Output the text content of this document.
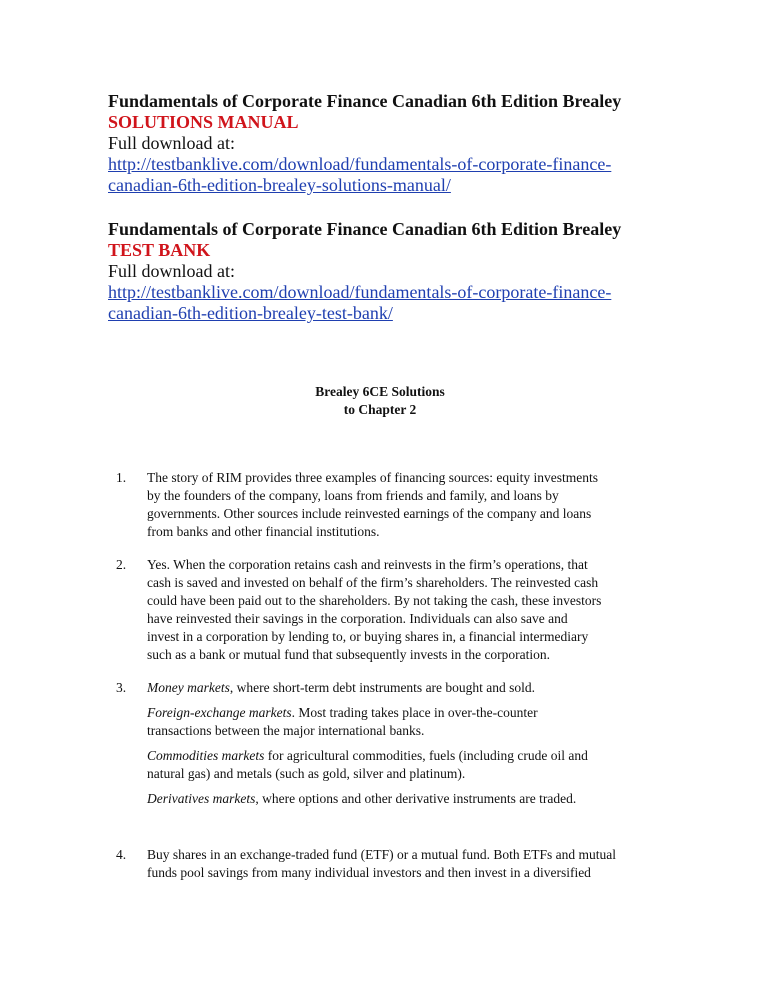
Fundamentals of Corporate Finance Canadian 6th Edition Brealey
SOLUTIONS MANUAL
Full download at:
http://testbanklive.com/download/fundamentals-of-corporate-finance-
canadian-6th-edition-brealey-solutions-manual/
Fundamentals of Corporate Finance Canadian 6th Edition Brealey
TEST BANK
Full download at:
http://testbanklive.com/download/fundamentals-of-corporate-finance-
canadian-6th-edition-brealey-test-bank/
Brealey 6CE Solutions
to Chapter 2
1. The story of RIM provides three examples of financing sources: equity investments
by the founders of the company, loans from friends and family, and loans by
governments. Other sources include reinvested earnings of the company and loans
from banks and other financial institutions.
2. Yes. When the corporation retains cash and reinvests in the firm’s operations, that
cash is saved and invested on behalf of the firm’s shareholders. The reinvested cash
could have been paid out to the shareholders. By not taking the cash, these investors
have reinvested their savings in the corporation. Individuals can also save and
invest in a corporation by lending to, or buying shares in, a financial intermediary
such as a bank or mutual fund that subsequently invests in the corporation.
3. Money markets, where short-term debt instruments are bought and sold.
Foreign-exchange markets. Most trading takes place in over-the-counter
transactions between the major international banks.
Commodities markets for agricultural commodities, fuels (including crude oil and
natural gas) and metals (such as gold, silver and platinum).
Derivatives markets, where options and other derivative instruments are traded.
4. Buy shares in an exchange-traded fund (ETF) or a mutual fund. Both ETFs and mutual
funds pool savings from many individual investors and then invest in a diversified
